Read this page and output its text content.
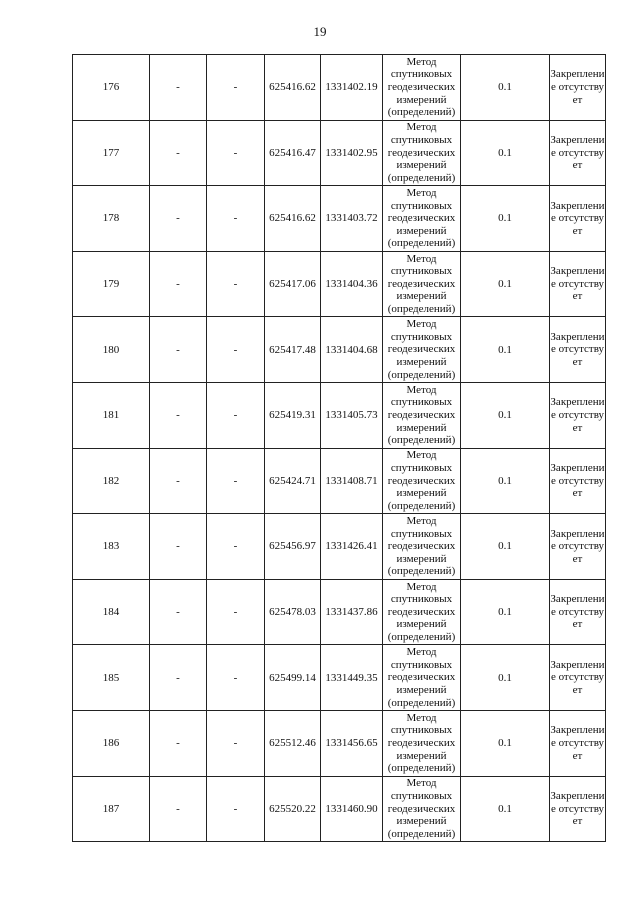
19
176	-	-	625416.62	1331402.19	Метод
спутниковых
геодезических
измерений
(определений)	0.1	Закрепление отсутствует
177	-	-	625416.47	1331402.95	Метод
спутниковых
геодезических
измерений
(определений)	0.1	Закрепление отсутствует
178	-	-	625416.62	1331403.72	Метод
спутниковых
геодезических
измерений
(определений)	0.1	Закрепление отсутствует
179	-	-	625417.06	1331404.36	Метод
спутниковых
геодезических
измерений
(определений)	0.1	Закрепление отсутствует
180	-	-	625417.48	1331404.68	Метод
спутниковых
геодезических
измерений
(определений)	0.1	Закрепление отсутствует
181	-	-	625419.31	1331405.73	Метод
спутниковых
геодезических
измерений
(определений)	0.1	Закрепление отсутствует
182	-	-	625424.71	1331408.71	Метод
спутниковых
геодезических
измерений
(определений)	0.1	Закрепление отсутствует
183	-	-	625456.97	1331426.41	Метод
спутниковых
геодезических
измерений
(определений)	0.1	Закрепление отсутствует
184	-	-	625478.03	1331437.86	Метод
спутниковых
геодезических
измерений
(определений)	0.1	Закрепление отсутствует
185	-	-	625499.14	1331449.35	Метод
спутниковых
геодезических
измерений
(определений)	0.1	Закрепление отсутствует
186	-	-	625512.46	1331456.65	Метод
спутниковых
геодезических
измерений
(определений)	0.1	Закрепление отсутствует
187	-	-	625520.22	1331460.90	Метод
спутниковых
геодезических
измерений
(определений)	0.1	Закрепление отсутствует
